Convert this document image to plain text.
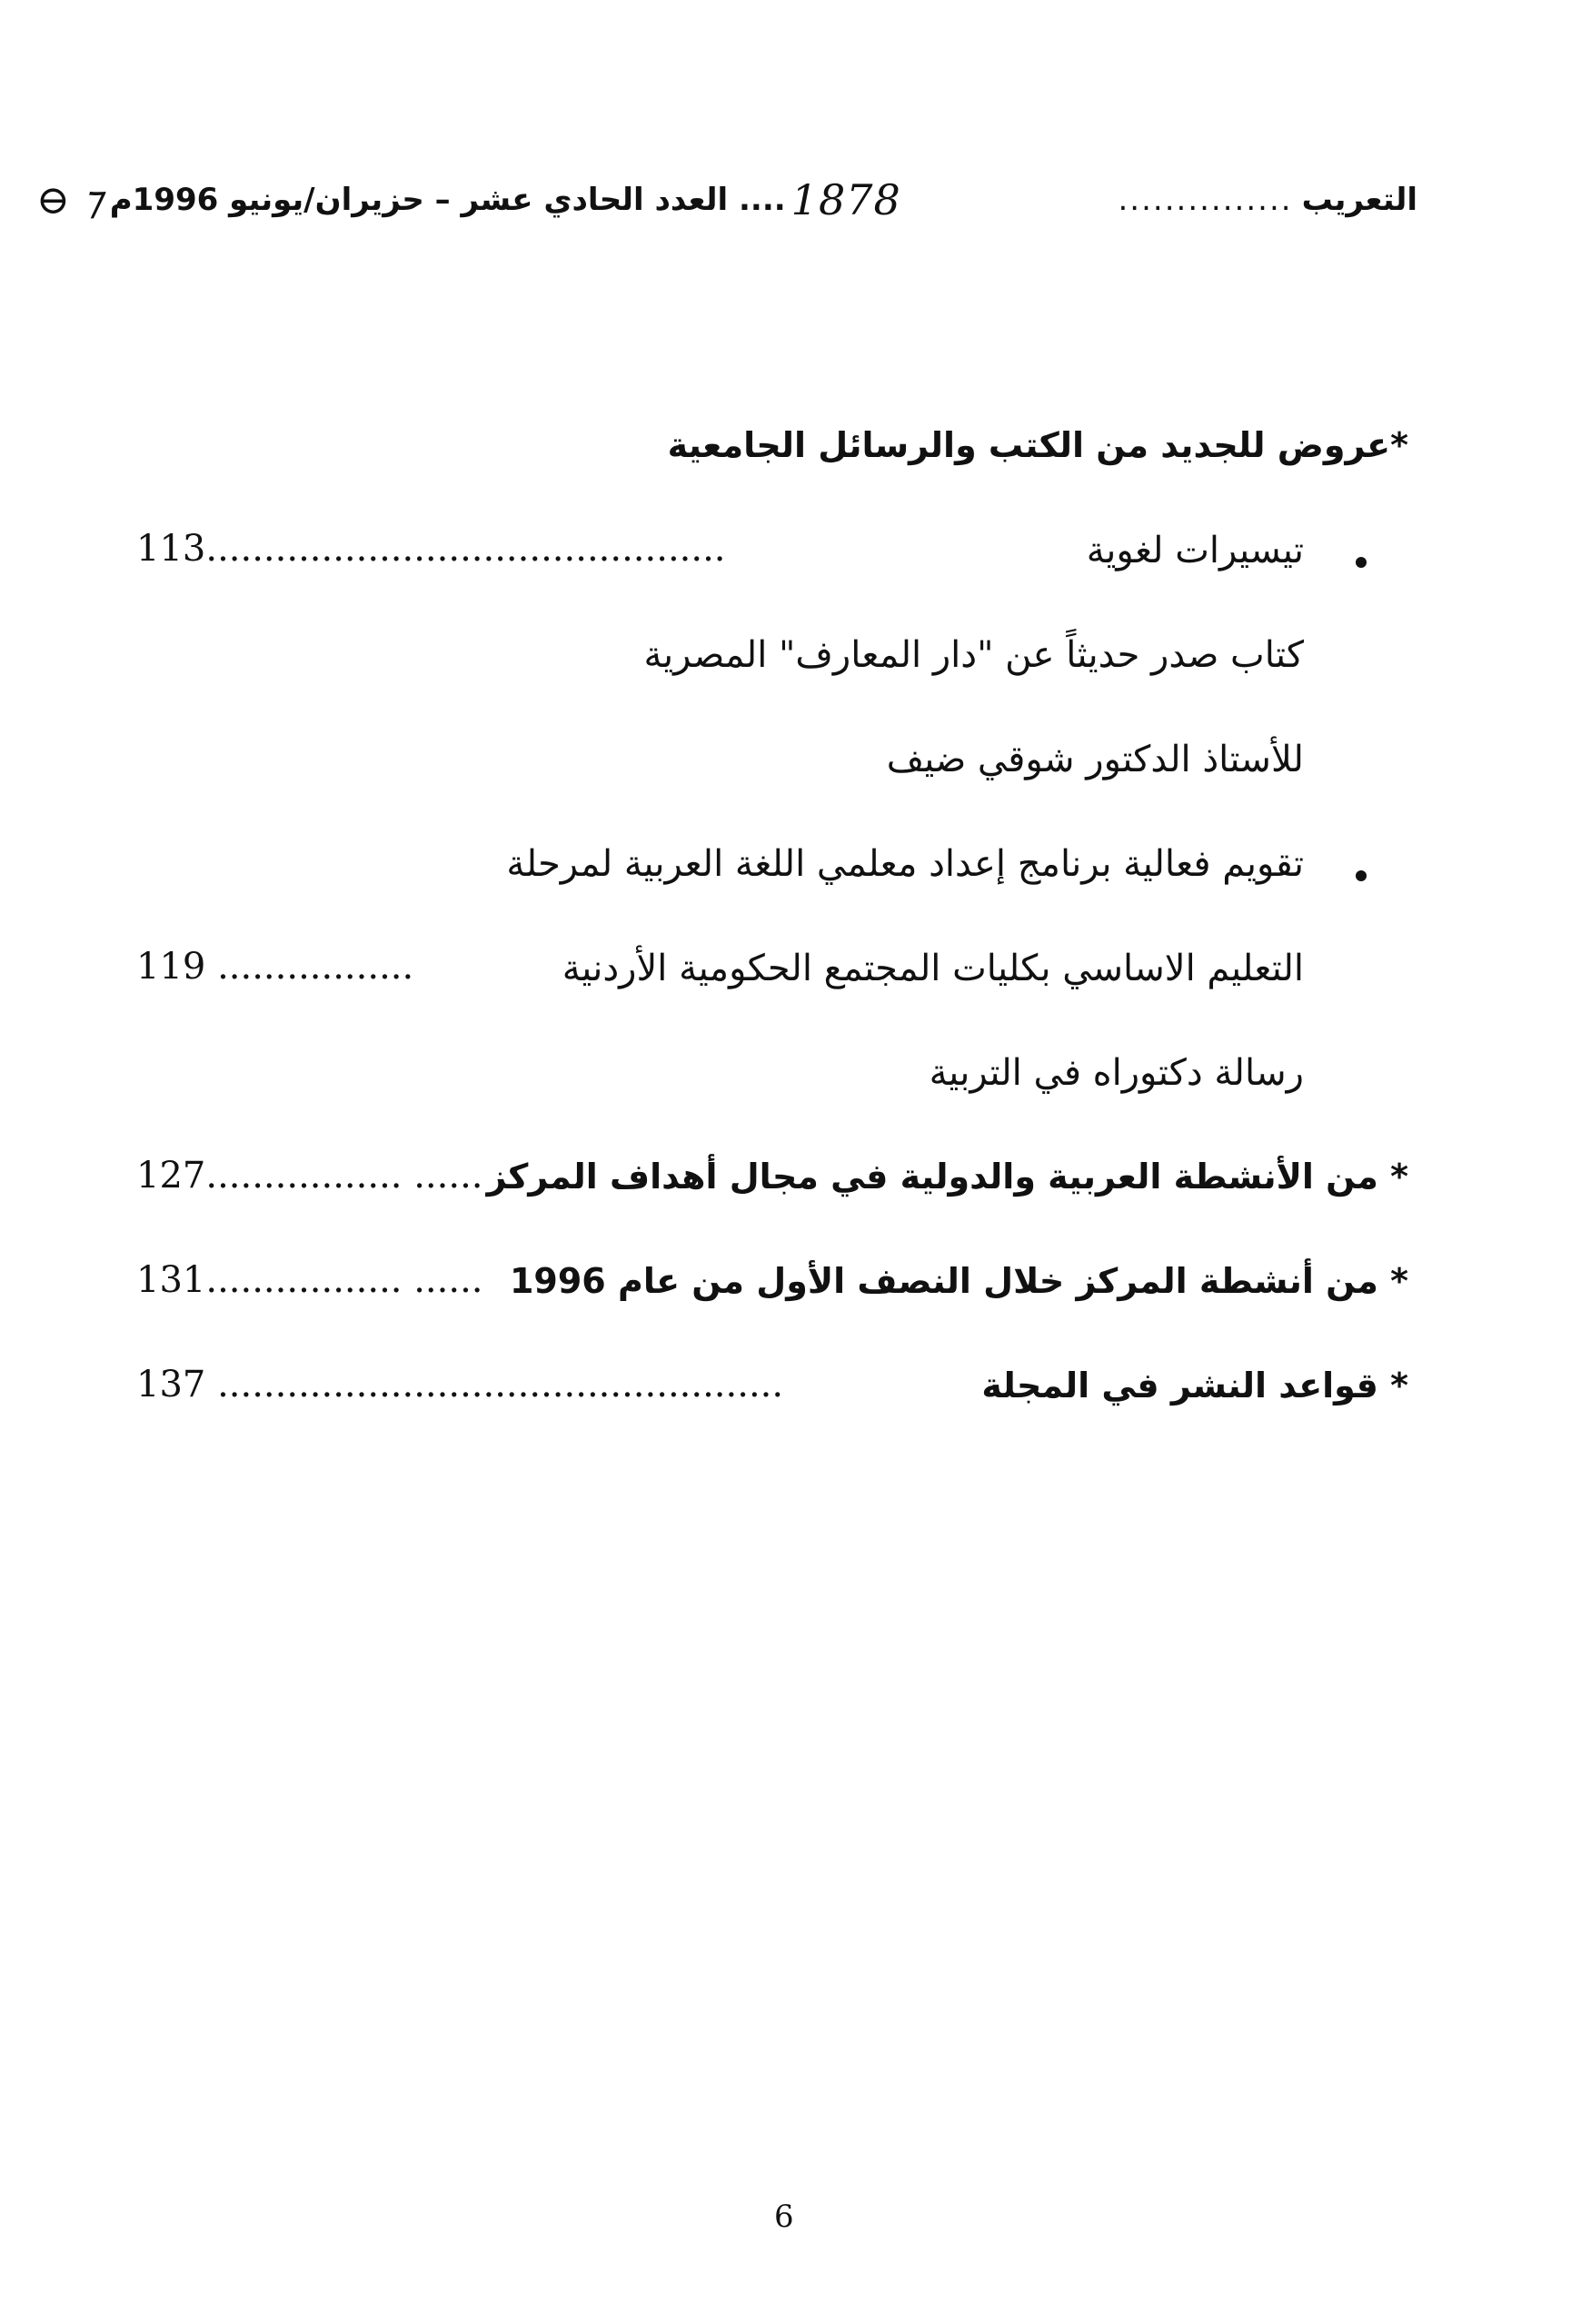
التعريب
...............
1878
.... العدد الحادي عشر – حزيران/يونيو 1996م
⁊ ⊖
*عروض للجديد من الكتب والرسائل الجامعية
تيسيرات لغوية
113.............................................
كتاب صدر حديثاً عن "دار المعارف" المصرية
للأستاذ الدكتور شوقي ضيف
تقويم فعالية برنامج إعداد معلمي اللغة العربية لمرحلة
التعليم الاساسي بكليات المجتمع الحكومية الأردنية
119 .................
رسالة دكتوراه في التربية
* من الأنشطة العربية والدولية في مجال أهداف المركز
127................. ......
* من أنشطة المركز خلال النصف الأول من عام 1996
131................. ......
* قواعد النشر في المجلة
137 .................................................
6
